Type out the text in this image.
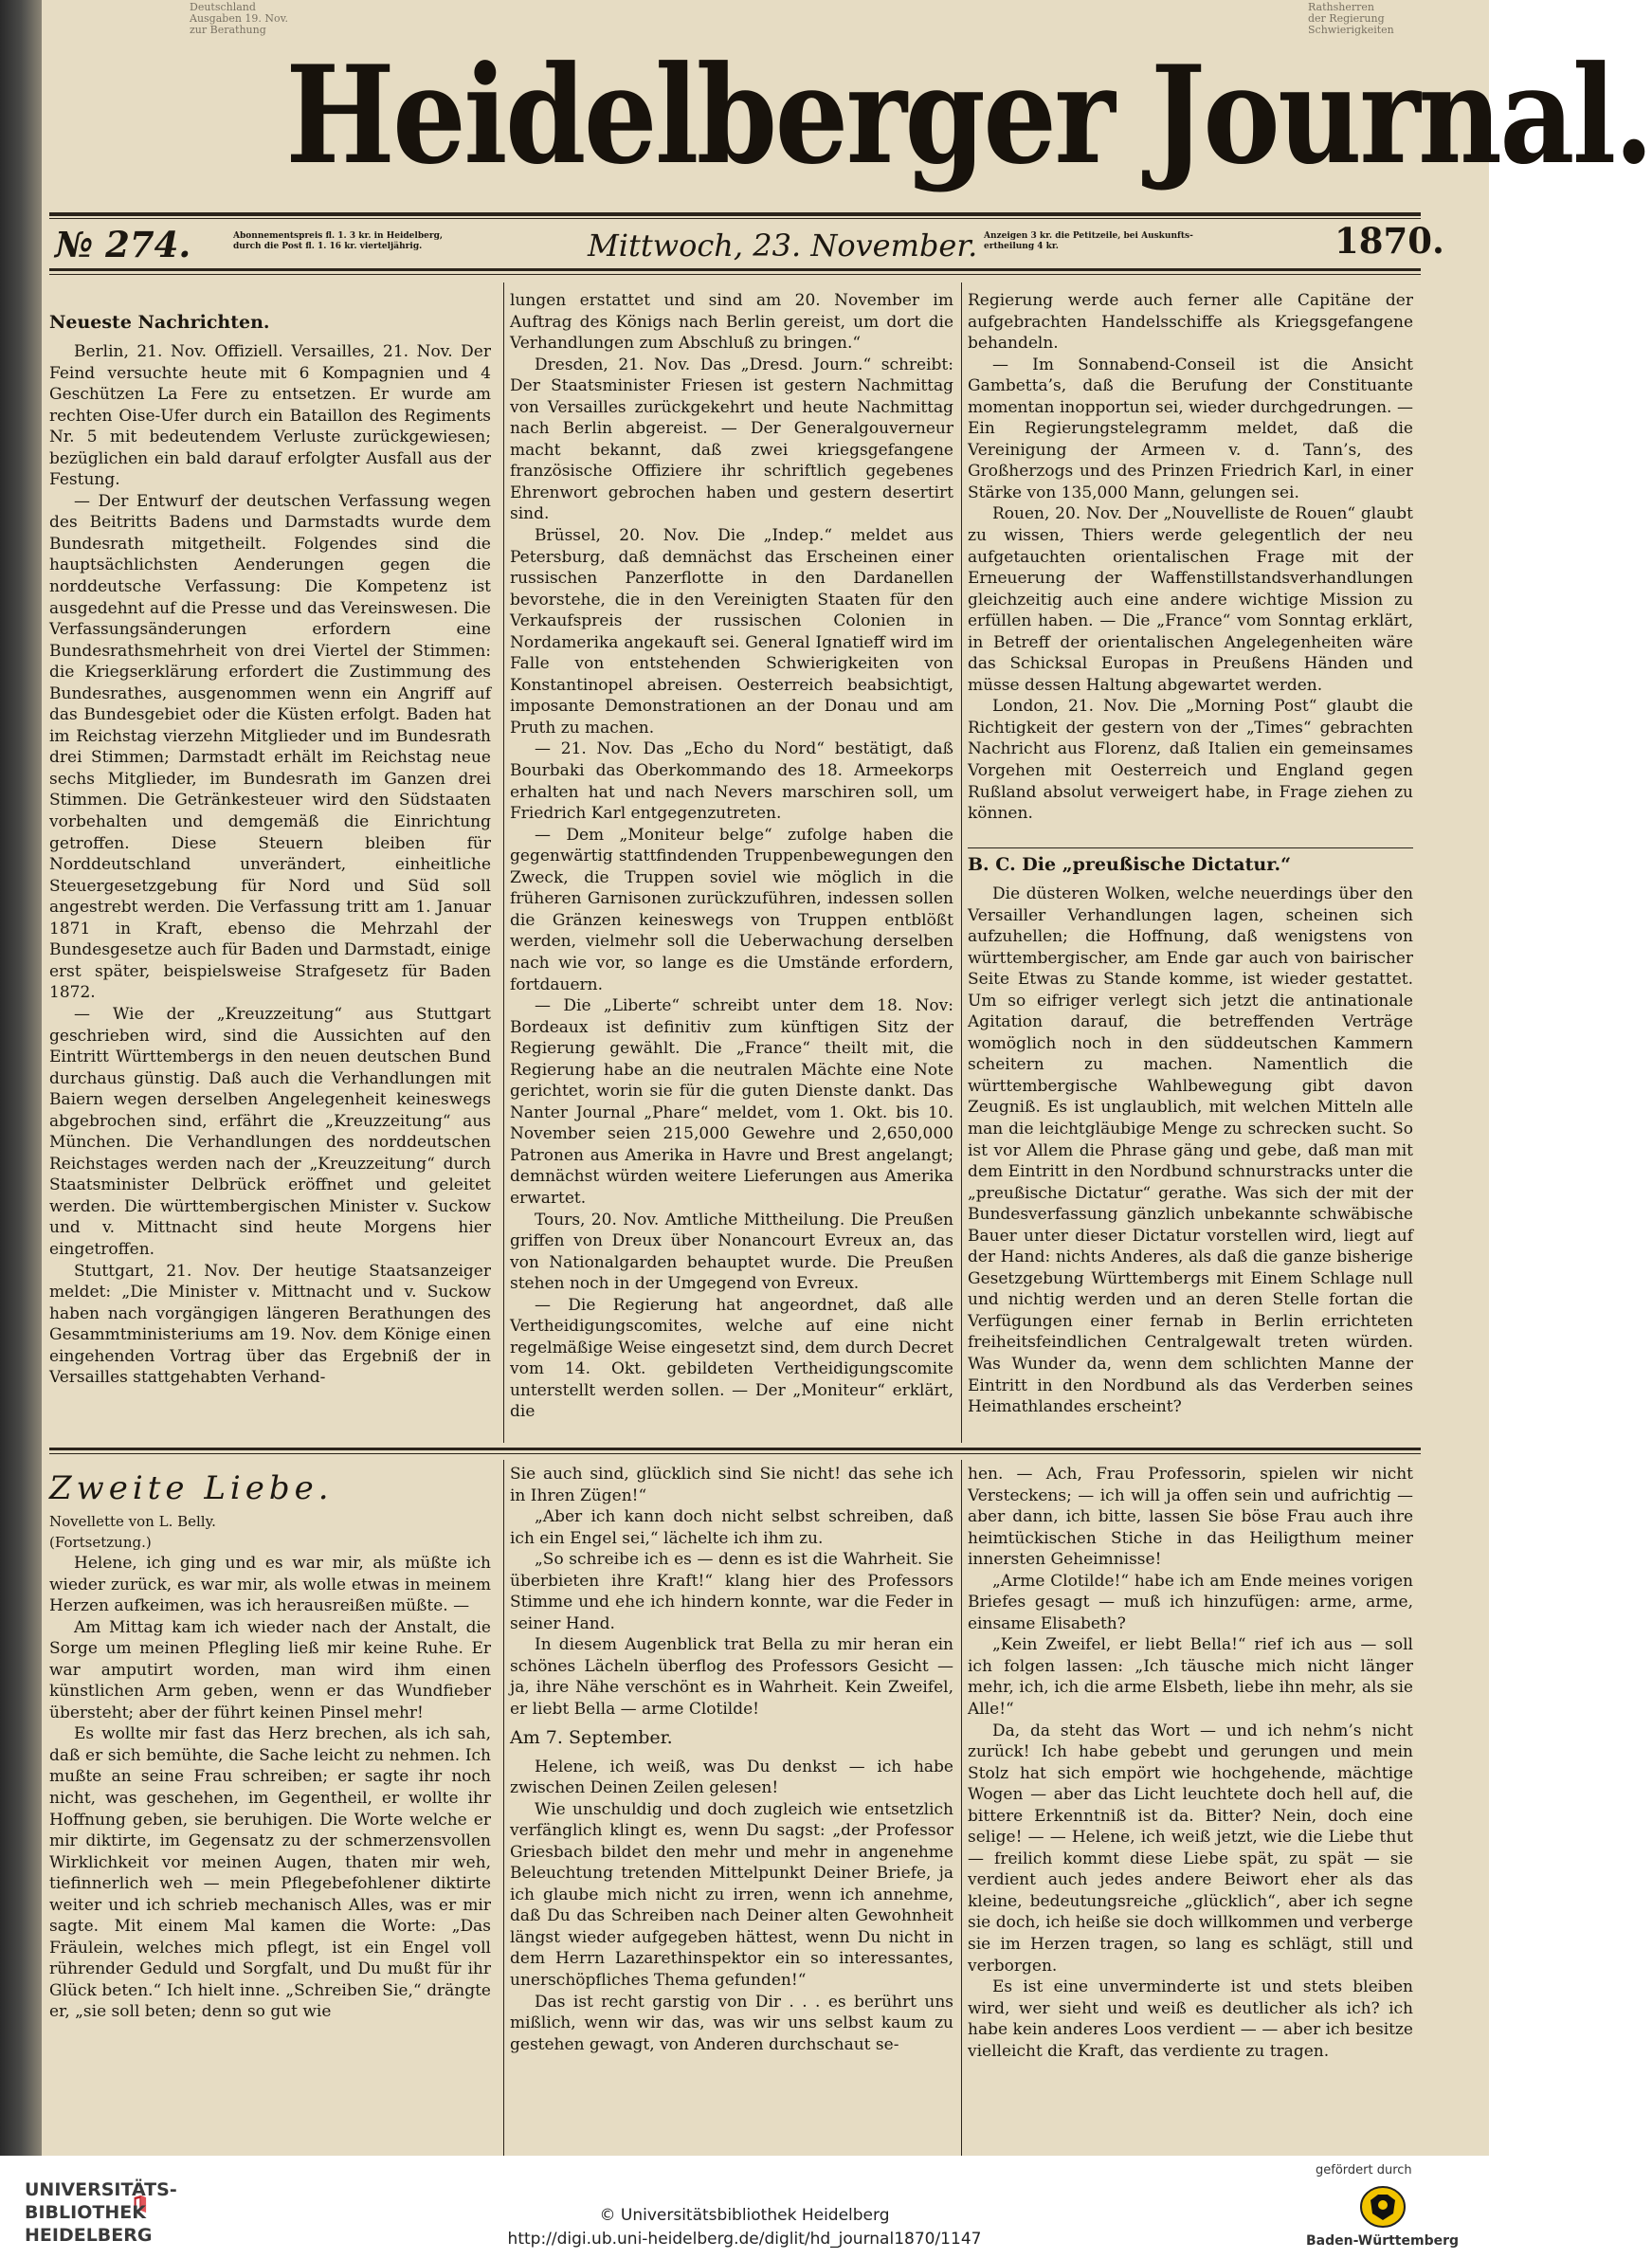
Deutschland
Ausgaben 19. Nov.
zur Berathung
Rathsherren
der Regierung
Schwierigkeiten
Heidelberger Journal.
№ 274.	Abonnementspreis fl. 1. 3 kr. in Heidelberg,
durch die Post fl. 1. 16 kr. vierteljährig.	Mittwoch, 23. November. Anzeigen 3 kr. die Petitzeile, bei Auskunfts-
ertheilung 4 kr.	1870.
Neueste Nachrichten.

Berlin, 21. Nov. Offiziell. Versailles, 21. Nov. Der Feind versuchte heute mit 6 Kompagnien und 4 Geschützen La Fere zu entsetzen. Er wurde am rechten Oise-Ufer durch ein Bataillon des Regiments Nr. 5 mit bedeutendem Verluste zurückgewiesen; bezüglichen ein bald darauf erfolgter Ausfall aus der Festung.

— Der Entwurf der deutschen Verfassung wegen des Beitritts Badens und Darmstadts wurde dem Bundesrath mitgetheilt. Folgendes sind die hauptsächlichsten Aenderungen gegen die norddeutsche Verfassung: Die Kompetenz ist ausgedehnt auf die Presse und das Vereinswesen. Die Verfassungsänderungen erfordern eine Bundesrathsmehrheit von drei Viertel der Stimmen: die Kriegserklärung erfordert die Zustimmung des Bundesrathes, ausgenommen wenn ein Angriff auf das Bundesgebiet oder die Küsten erfolgt. Baden hat im Reichstag vierzehn Mitglieder und im Bundesrath drei Stimmen; Darmstadt erhält im Reichstag neue sechs Mitglieder, im Bundesrath im Ganzen drei Stimmen. Die Getränkesteuer wird den Südstaaten vorbehalten und demgemäß die Einrichtung getroffen. Diese Steuern bleiben für Norddeutschland unverändert, einheitliche Steuergesetzgebung für Nord und Süd soll angestrebt werden. Die Verfassung tritt am 1. Januar 1871 in Kraft, ebenso die Mehrzahl der Bundesgesetze auch für Baden und Darmstadt, einige erst später, beispielsweise Strafgesetz für Baden 1872.

— Wie der „Kreuzzeitung“ aus Stuttgart geschrieben wird, sind die Aussichten auf den Eintritt Württembergs in den neuen deutschen Bund durchaus günstig. Daß auch die Verhandlungen mit Baiern wegen derselben Angelegenheit keineswegs abgebrochen sind, erfährt die „Kreuzzeitung“ aus München. Die Verhandlungen des norddeutschen Reichstages werden nach der „Kreuzzeitung“ durch Staatsminister Delbrück eröffnet und geleitet werden. Die württembergischen Minister v. Suckow und v. Mittnacht sind heute Morgens hier eingetroffen.

Stuttgart, 21. Nov. Der heutige Staatsanzeiger meldet: „Die Minister v. Mittnacht und v. Suckow haben nach vorgängigen längeren Berathungen des Gesammtministeriums am 19. Nov. dem Könige einen eingehenden Vortrag über das Ergebniß der in Versailles stattgehabten Verhand-

lungen erstattet und sind am 20. November im Auftrag des Königs nach Berlin gereist, um dort die Verhandlungen zum Abschluß zu bringen.“

Dresden, 21. Nov. Das „Dresd. Journ.“ schreibt: Der Staatsminister Friesen ist gestern Nachmittag von Versailles zurückgekehrt und heute Nachmittag nach Berlin abgereist. — Der Generalgouverneur macht bekannt, daß zwei kriegsgefangene französische Offiziere ihr schriftlich gegebenes Ehrenwort gebrochen haben und gestern desertirt sind.

Brüssel, 20. Nov. Die „Indep.“ meldet aus Petersburg, daß demnächst das Erscheinen einer russischen Panzerflotte in den Dardanellen bevorstehe, die in den Vereinigten Staaten für den Verkaufspreis der russischen Colonien in Nordamerika angekauft sei. General Ignatieff wird im Falle von entstehenden Schwierigkeiten von Konstantinopel abreisen. Oesterreich beabsichtigt, imposante Demonstrationen an der Donau und am Pruth zu machen.

— 21. Nov. Das „Echo du Nord“ bestätigt, daß Bourbaki das Oberkommando des 18. Armeekorps erhalten hat und nach Nevers marschiren soll, um Friedrich Karl entgegenzutreten.

— Dem „Moniteur belge“ zufolge haben die gegenwärtig stattfindenden Truppenbewegungen den Zweck, die Truppen soviel wie möglich in die früheren Garnisonen zurückzuführen, indessen sollen die Gränzen keineswegs von Truppen entblößt werden, vielmehr soll die Ueberwachung derselben nach wie vor, so lange es die Umstände erfordern, fortdauern.

— Die „Liberte“ schreibt unter dem 18. Nov: Bordeaux ist definitiv zum künftigen Sitz der Regierung gewählt. Die „France“ theilt mit, die Regierung habe an die neutralen Mächte eine Note gerichtet, worin sie für die guten Dienste dankt. Das Nanter Journal „Phare“ meldet, vom 1. Okt. bis 10. November seien 215,000 Gewehre und 2,650,000 Patronen aus Amerika in Havre und Brest angelangt; demnächst würden weitere Lieferungen aus Amerika erwartet.

Tours, 20. Nov. Amtliche Mittheilung. Die Preußen griffen von Dreux über Nonancourt Evreux an, das von Nationalgarden behauptet wurde. Die Preußen stehen noch in der Umgegend von Evreux.

— Die Regierung hat angeordnet, daß alle Vertheidigungscomites, welche auf eine nicht regelmäßige Weise eingesetzt sind, dem durch Decret vom 14. Okt. gebildeten Vertheidigungscomite unterstellt werden sollen. — Der „Moniteur“ erklärt, die

Regierung werde auch ferner alle Capitäne der aufgebrachten Handelsschiffe als Kriegsgefangene behandeln.

— Im Sonnabend-Conseil ist die Ansicht Gambetta’s, daß die Berufung der Constituante momentan inopportun sei, wieder durchgedrungen. — Ein Regierungstelegramm meldet, daß die Vereinigung der Armeen v. d. Tann’s, des Großherzogs und des Prinzen Friedrich Karl, in einer Stärke von 135,000 Mann, gelungen sei.

Rouen, 20. Nov. Der „Nouvelliste de Rouen“ glaubt zu wissen, Thiers werde gelegentlich der neu aufgetauchten orientalischen Frage mit der Erneuerung der Waffenstillstandsverhandlungen gleichzeitig auch eine andere wichtige Mission zu erfüllen haben. — Die „France“ vom Sonntag erklärt, in Betreff der orientalischen Angelegenheiten wäre das Schicksal Europas in Preußens Händen und müsse dessen Haltung abgewartet werden.

London, 21. Nov. Die „Morning Post“ glaubt die Richtigkeit der gestern von der „Times“ gebrachten Nachricht aus Florenz, daß Italien ein gemeinsames Vorgehen mit Oesterreich und England gegen Rußland absolut verweigert habe, in Frage ziehen zu können.

B. C. Die „preußische Dictatur.“

Die düsteren Wolken, welche neuerdings über den Versailler Verhandlungen lagen, scheinen sich aufzuhellen; die Hoffnung, daß wenigstens von württembergischer, am Ende gar auch von bairischer Seite Etwas zu Stande komme, ist wieder gestattet. Um so eifriger verlegt sich jetzt die antinationale Agitation darauf, die betreffenden Verträge womöglich noch in den süddeutschen Kammern scheitern zu machen. Namentlich die württembergische Wahlbewegung gibt davon Zeugniß. Es ist unglaublich, mit welchen Mitteln alle man die leichtgläubige Menge zu schrecken sucht. So ist vor Allem die Phrase gäng und gebe, daß man mit dem Eintritt in den Nordbund schnurstracks unter die „preußische Dictatur“ gerathe. Was sich der mit der Bundesverfassung gänzlich unbekannte schwäbische Bauer unter dieser Dictatur vorstellen wird, liegt auf der Hand: nichts Anderes, als daß die ganze bisherige Gesetzgebung Württembergs mit Einem Schlage null und nichtig werden und an deren Stelle fortan die Verfügungen einer fernab in Berlin errichteten freiheitsfeindlichen Centralgewalt treten würden. Was Wunder da, wenn dem schlichten Manne der Eintritt in den Nordbund als das Verderben seines Heimathlandes erscheint?

Zweite Liebe.
Novellette von L. Belly.
(Fortsetzung.)

Helene, ich ging und es war mir, als müßte ich wieder zurück, es war mir, als wolle etwas in meinem Herzen aufkeimen, was ich herausreißen müßte. —

Am Mittag kam ich wieder nach der Anstalt, die Sorge um meinen Pflegling ließ mir keine Ruhe. Er war amputirt worden, man wird ihm einen künstlichen Arm geben, wenn er das Wundfieber übersteht; aber der führt keinen Pinsel mehr!

Es wollte mir fast das Herz brechen, als ich sah, daß er sich bemühte, die Sache leicht zu nehmen. Ich mußte an seine Frau schreiben; er sagte ihr noch nicht, was geschehen, im Gegentheil, er wollte ihr Hoffnung geben, sie beruhigen. Die Worte welche er mir diktirte, im Gegensatz zu der schmerzensvollen Wirklichkeit vor meinen Augen, thaten mir weh, tiefinnerlich weh — mein Pflegebefohlener diktirte weiter und ich schrieb mechanisch Alles, was er mir sagte. Mit einem Mal kamen die Worte: „Das Fräulein, welches mich pflegt, ist ein Engel voll rührender Geduld und Sorgfalt, und Du mußt für ihr Glück beten.“ Ich hielt inne. „Schreiben Sie,“ drängte er, „sie soll beten; denn so gut wie

Sie auch sind, glücklich sind Sie nicht! das sehe ich in Ihren Zügen!“

„Aber ich kann doch nicht selbst schreiben, daß ich ein Engel sei,“ lächelte ich ihm zu.

„So schreibe ich es — denn es ist die Wahrheit. Sie überbieten ihre Kraft!“ klang hier des Professors Stimme und ehe ich hindern konnte, war die Feder in seiner Hand.

In diesem Augenblick trat Bella zu mir heran ein schönes Lächeln überflog des Professors Gesicht — ja, ihre Nähe verschönt es in Wahrheit. Kein Zweifel, er liebt Bella — arme Clotilde!

Am 7. September.

Helene, ich weiß, was Du denkst — ich habe zwischen Deinen Zeilen gelesen!

Wie unschuldig und doch zugleich wie entsetzlich verfänglich klingt es, wenn Du sagst: „der Professor Griesbach bildet den mehr und mehr in angenehme Beleuchtung tretenden Mittelpunkt Deiner Briefe, ja ich glaube mich nicht zu irren, wenn ich annehme, daß Du das Schreiben nach Deiner alten Gewohnheit längst wieder aufgegeben hättest, wenn Du nicht in dem Herrn Lazarethinspektor ein so interessantes, unerschöpfliches Thema gefunden!“

Das ist recht garstig von Dir . . . es berührt uns mißlich, wenn wir das, was wir uns selbst kaum zu gestehen gewagt, von Anderen durchschaut se-

hen. — Ach, Frau Professorin, spielen wir nicht Versteckens; — ich will ja offen sein und aufrichtig — aber dann, ich bitte, lassen Sie böse Frau auch ihre heimtückischen Stiche in das Heiligthum meiner innersten Geheimnisse!

„Arme Clotilde!“ habe ich am Ende meines vorigen Briefes gesagt — muß ich hinzufügen: arme, arme, einsame Elisabeth?

„Kein Zweifel, er liebt Bella!“ rief ich aus — soll ich folgen lassen: „Ich täusche mich nicht länger mehr, ich, ich die arme Elsbeth, liebe ihn mehr, als sie Alle!“

Da, da steht das Wort — und ich nehm’s nicht zurück! Ich habe gebebt und gerungen und mein Stolz hat sich empört wie hochgehende, mächtige Wogen — aber das Licht leuchtete doch hell auf, die bittere Erkenntniß ist da. Bitter? Nein, doch eine selige! — — Helene, ich weiß jetzt, wie die Liebe thut — freilich kommt diese Liebe spät, zu spät — sie verdient auch jedes andere Beiwort eher als das kleine, bedeutungsreiche „glücklich“, aber ich segne sie doch, ich heiße sie doch willkommen und verberge sie im Herzen tragen, so lang es schlägt, still und verborgen.

Es ist eine unverminderte ist und stets bleiben wird, wer sieht und weiß es deutlicher als ich? ich habe kein anderes Loos verdient — — aber ich besitze vielleicht die Kraft, das verdiente zu tragen.

UNIVERSITÄTS-
BIBLIOTHEK
HEIDELBERG
© Universitätsbibliothek Heidelberg
http://digi.ub.uni-heidelberg.de/diglit/hd_journal1870/1147
gefördert durch
Baden-Württemberg
